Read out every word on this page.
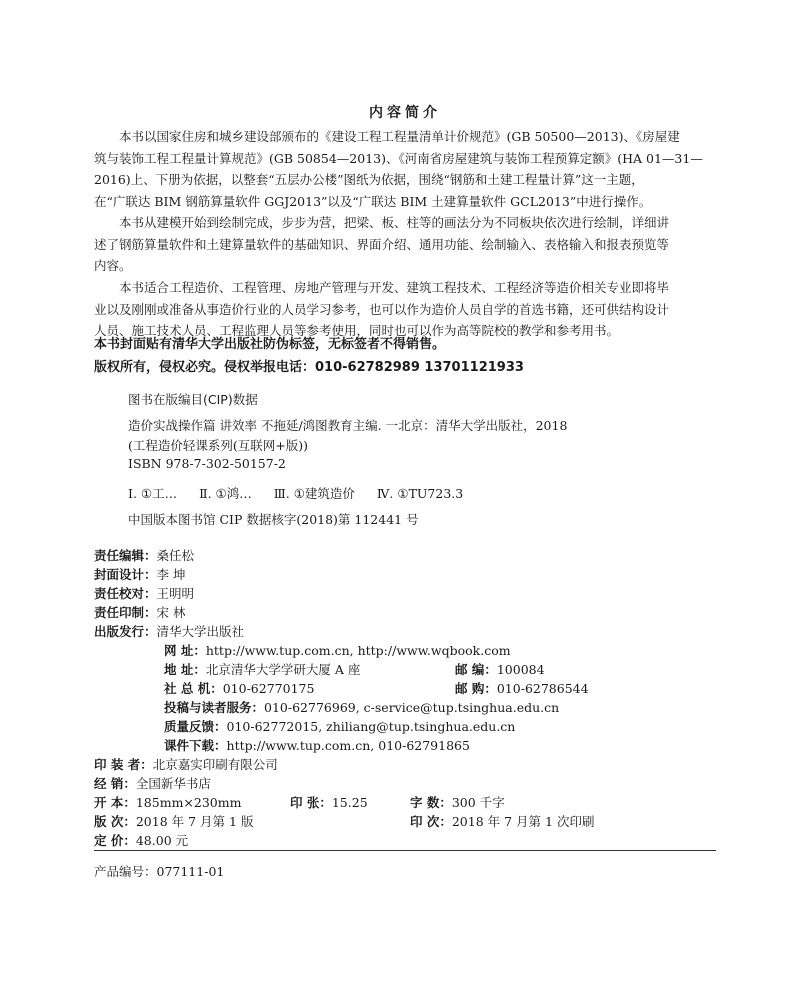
内容简介
本书以国家住房和城乡建设部颁布的《建设工程工程量清单计价规范》(GB 50500—2013)、《房屋建
筑与装饰工程工程量计算规范》(GB 50854—2013)、《河南省房屋建筑与装饰工程预算定额》(HA 01—31—
2016)上、下册为依据，以整套“五层办公楼”图纸为依据，围绕“钢筋和土建工程量计算”这一主题，
在“广联达 BIM 钢筋算量软件 GGJ2013”以及“广联达 BIM 土建算量软件 GCL2013”中进行操作。
本书从建模开始到绘制完成，步步为营，把梁、板、柱等的画法分为不同板块依次进行绘制，详细讲
述了钢筋算量软件和土建算量软件的基础知识、界面介绍、通用功能、绘制输入、表格输入和报表预览等
内容。
本书适合工程造价、工程管理、房地产管理与开发、建筑工程技术、工程经济等造价相关专业即将毕
业以及刚刚或准备从事造价行业的人员学习参考，也可以作为造价人员自学的首选书籍，还可供结构设计
人员、施工技术人员、工程监理人员等参考使用，同时也可以作为高等院校的教学和参考用书。
本书封面贴有清华大学出版社防伪标签，无标签者不得销售。
版权所有，侵权必究。侵权举报电话：010-62782989 13701121933
图书在版编目(CIP)数据
造价实战操作篇 讲效率 不拖延/鸿图教育主编. 一北京：清华大学出版社，2018
(工程造价轻课系列(互联网+版))
ISBN 978-7-302-50157-2
Ⅰ. ①工… Ⅱ. ①鸿… Ⅲ. ①建筑造价 Ⅳ. ①TU723.3
中国版本图书馆 CIP 数据核字(2018)第 112441 号
责任编辑：桑任松
封面设计：李 坤
责任校对：王明明
责任印制：宋 林
出版发行：清华大学出版社
网 址：http://www.tup.com.cn, http://www.wqbook.com
地 址：北京清华大学学研大厦 A 座	邮 编：100084
社 总 机：010-62770175	邮 购：010-62786544
投稿与读者服务：010-62776969, c-service@tup.tsinghua.edu.cn
质量反馈：010-62772015, zhiliang@tup.tsinghua.edu.cn
课件下载：http://www.tup.com.cn, 010-62791865
印 装 者：北京嘉实印刷有限公司
经 销：全国新华书店
开 本：185mm×230mm	印 张：15.25	字 数：300 千字
版 次：2018 年 7 月第 1 版	印 次：2018 年 7 月第 1 次印刷
定 价：48.00 元
产品编号：077111-01
